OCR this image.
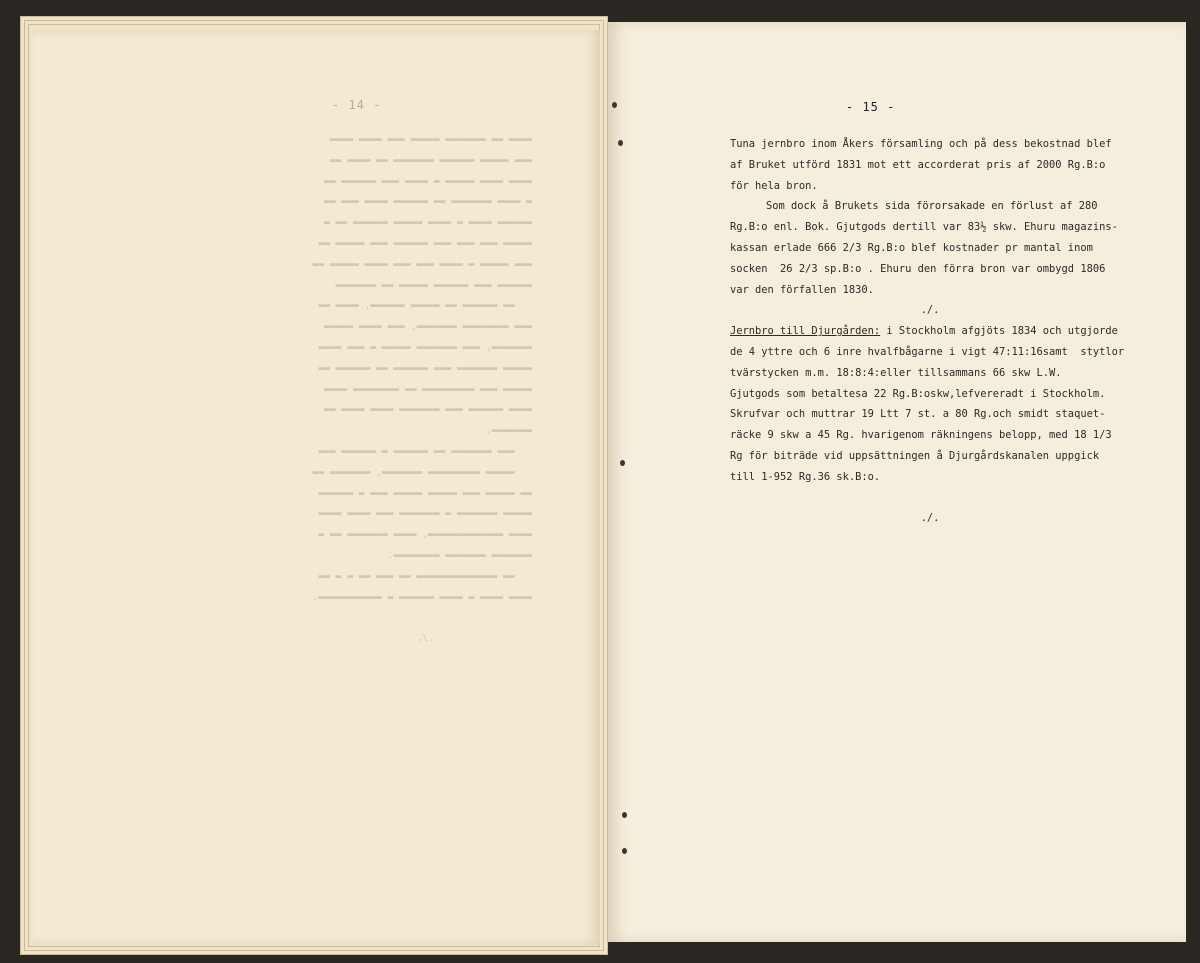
- 14 -
▬▬▬▬ ▬▬ ▬▬▬▬▬▬▬ ▬▬▬▬▬ ▬▬▬ ▬▬▬▬ ▬▬▬▬
▬▬▬ ▬▬▬▬▬ ▬▬▬▬▬▬ ▬▬▬▬▬▬▬ ▬▬ ▬▬▬▬ ▬▬
▬▬▬▬ ▬▬▬▬ ▬▬▬▬▬ ▬ ▬▬▬▬ ▬▬▬ ▬▬▬▬▬▬ ▬▬
▬ ▬▬▬▬ ▬▬▬▬▬▬▬ ▬▬ ▬▬▬▬▬▬ ▬▬▬▬ ▬▬▬ ▬▬
▬▬▬▬▬▬ ▬▬▬▬ ▬ ▬▬▬▬ ▬▬▬▬▬ ▬▬▬▬▬▬ ▬▬ ▬
▬▬▬▬▬ ▬▬▬ ▬▬▬ ▬▬▬ ▬▬▬▬▬▬ ▬▬▬ ▬▬▬▬▬ ▬▬
▬▬▬ ▬▬▬▬▬ ▬ ▬▬▬▬ ▬▬▬ ▬▬▬ ▬▬▬▬ ▬▬▬▬▬ ▬▬
▬▬▬▬▬▬ ▬▬▬ ▬▬▬▬▬▬ ▬▬▬▬▬ ▬▬ ▬▬▬▬▬▬▬
▬▬ ▬▬▬▬▬▬ ▬▬ ▬▬▬▬▬ ▬▬▬▬▬▬, ▬▬▬▬ ▬▬
▬▬▬ ▬▬▬▬▬▬▬▬ ▬▬▬▬▬▬▬, ▬▬▬ ▬▬▬▬ ▬▬▬▬▬
▬▬▬▬▬▬▬, ▬▬▬ ▬▬▬▬▬▬▬ ▬▬▬▬▬ ▬ ▬▬▬ ▬▬▬▬
▬▬▬▬▬ ▬▬▬▬▬▬▬ ▬▬▬ ▬▬▬▬▬▬ ▬▬ ▬▬▬▬▬▬ ▬▬
▬▬▬▬▬ ▬▬▬ ▬▬▬▬▬▬▬▬▬ ▬▬ ▬▬▬▬▬▬▬▬ ▬▬▬▬
▬▬▬▬ ▬▬▬▬▬▬ ▬▬▬ ▬▬▬▬▬▬▬ ▬▬▬▬ ▬▬▬▬ ▬▬
▬▬▬▬▬▬▬.
▬▬▬ ▬▬▬▬▬▬▬ ▬▬ ▬▬▬▬▬▬ ▬ ▬▬▬▬▬▬ ▬▬▬
▬▬▬▬▬ ▬▬▬▬▬▬▬▬▬ ▬▬▬▬▬▬▬, ▬▬▬▬▬▬▬ ▬▬
▬▬ ▬▬▬▬▬ ▬▬▬ ▬▬▬▬▬ ▬▬▬▬▬ ▬▬▬ ▬ ▬▬▬▬▬▬
▬▬▬▬▬ ▬▬▬▬▬▬▬ ▬ ▬▬▬▬▬▬▬ ▬▬▬ ▬▬▬▬ ▬▬▬▬
▬▬▬▬ ▬▬▬▬▬▬▬▬▬▬▬▬▬, ▬▬▬▬ ▬▬▬▬▬▬▬ ▬▬ ▬
▬▬▬▬▬▬▬ ▬▬▬▬▬▬▬ ▬▬▬▬▬▬▬▬.
▬▬ ▬▬▬▬▬▬▬▬▬▬▬▬▬▬ ▬▬ ▬▬▬ ▬▬ ▬ ▬ ▬▬
▬▬▬▬ ▬▬▬▬ ▬ ▬▬▬▬ ▬▬▬▬▬▬ ▬ ▬▬▬▬▬▬▬▬▬▬▬.

./.
- 15 -
Tuna jernbro inom Åkers församling och på dess bekostnad blef
af Bruket utförd 1831 mot ett accorderat pris af 2000 Rg.B:o
för hela bron.
Som dock å Brukets sida förorsakade en förlust af 280
Rg.B:o enl. Bok. Gjutgods dertill var 83½ skw. Ehuru magazins-
kassan erlade 666 2/3 Rg.B:o blef kostnader pr mantal inom
socken  26 2/3 sp.B:o . Ehuru den förra bron var ombygd 1806
var den förfallen 1830.
./.
Jernbro till Djurgården: i Stockholm afgjöts 1834 och utgjorde
de 4 yttre och 6 inre hvalfbågarne i vigt 47:11:16samt  stytlor
tvärstycken m.m. 18:8:4:eller tillsammans 66 skw L.W.
Gjutgods som betaltesa 22 Rg.B:oskw,lefvereradt i Stockholm.
Skrufvar och muttrar 19 Ltt 7 st. a 80 Rg.och smidt staquet-
räcke 9 skw a 45 Rg. hvarigenom räkningens belopp, med 18 1/3
Rg för biträde vid uppsättningen å Djurgårdskanalen uppgick
till 1-952 Rg.36 sk.B:o.
./.
